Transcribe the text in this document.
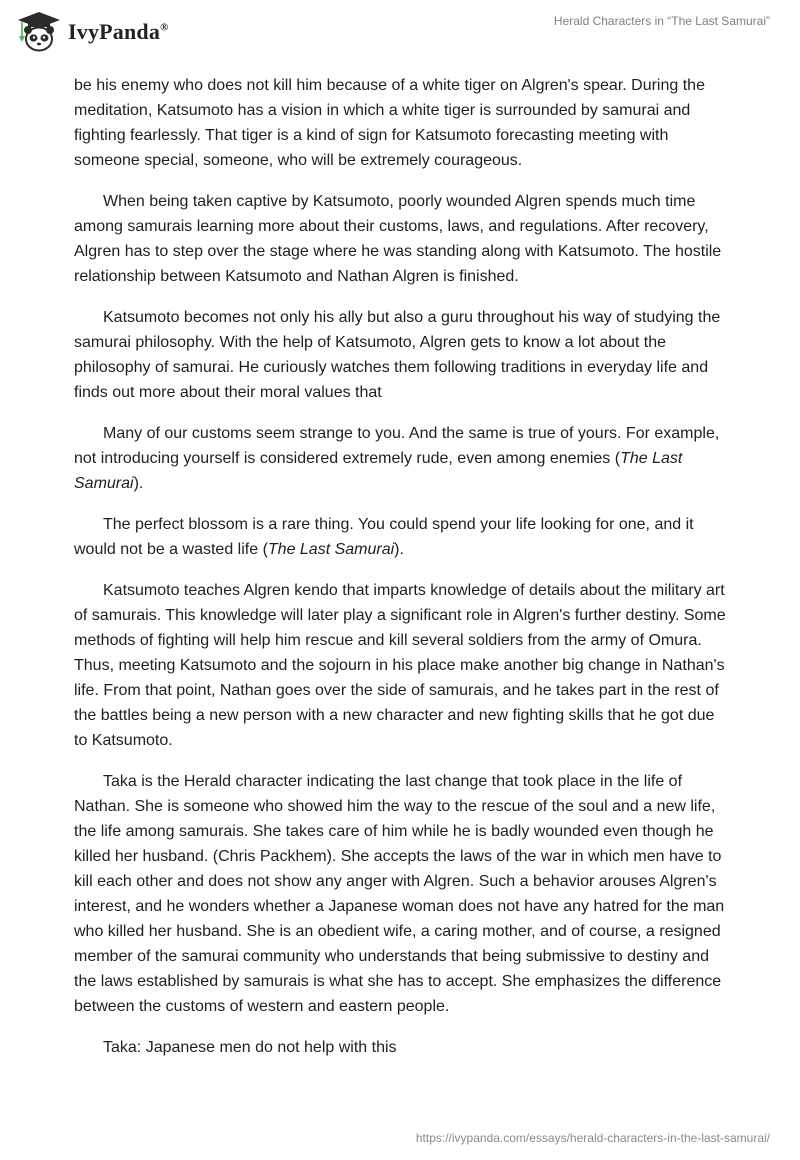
IvyPanda®	Herald Characters in “The Last Samurai”

be his enemy who does not kill him because of a white tiger on Algren's spear. During the meditation, Katsumoto has a vision in which a white tiger is surrounded by samurai and fighting fearlessly. That tiger is a kind of sign for Katsumoto forecasting meeting with someone special, someone, who will be extremely courageous.

When being taken captive by Katsumoto, poorly wounded Algren spends much time among samurais learning more about their customs, laws, and regulations. After recovery, Algren has to step over the stage where he was standing along with Katsumoto. The hostile relationship between Katsumoto and Nathan Algren is finished.

Katsumoto becomes not only his ally but also a guru throughout his way of studying the samurai philosophy. With the help of Katsumoto, Algren gets to know a lot about the philosophy of samurai. He curiously watches them following traditions in everyday life and finds out more about their moral values that

Many of our customs seem strange to you. And the same is true of yours. For example, not introducing yourself is considered extremely rude, even among enemies (The Last Samurai).

The perfect blossom is a rare thing. You could spend your life looking for one, and it would not be a wasted life (The Last Samurai).

Katsumoto teaches Algren kendo that imparts knowledge of details about the military art of samurais. This knowledge will later play a significant role in Algren's further destiny. Some methods of fighting will help him rescue and kill several soldiers from the army of Omura. Thus, meeting Katsumoto and the sojourn in his place make another big change in Nathan's life. From that point, Nathan goes over the side of samurais, and he takes part in the rest of the battles being a new person with a new character and new fighting skills that he got due to Katsumoto.

Taka is the Herald character indicating the last change that took place in the life of Nathan. She is someone who showed him the way to the rescue of the soul and a new life, the life among samurais. She takes care of him while he is badly wounded even though he killed her husband. (Chris Packhem). She accepts the laws of the war in which men have to kill each other and does not show any anger with Algren. Such a behavior arouses Algren's interest, and he wonders whether a Japanese woman does not have any hatred for the man who killed her husband. She is an obedient wife, a caring mother, and of course, a resigned member of the samurai community who understands that being submissive to destiny and the laws established by samurais is what she has to accept. She emphasizes the difference between the customs of western and eastern people.

Taka: Japanese men do not help with this

https://ivypanda.com/essays/herald-characters-in-the-last-samurai/
